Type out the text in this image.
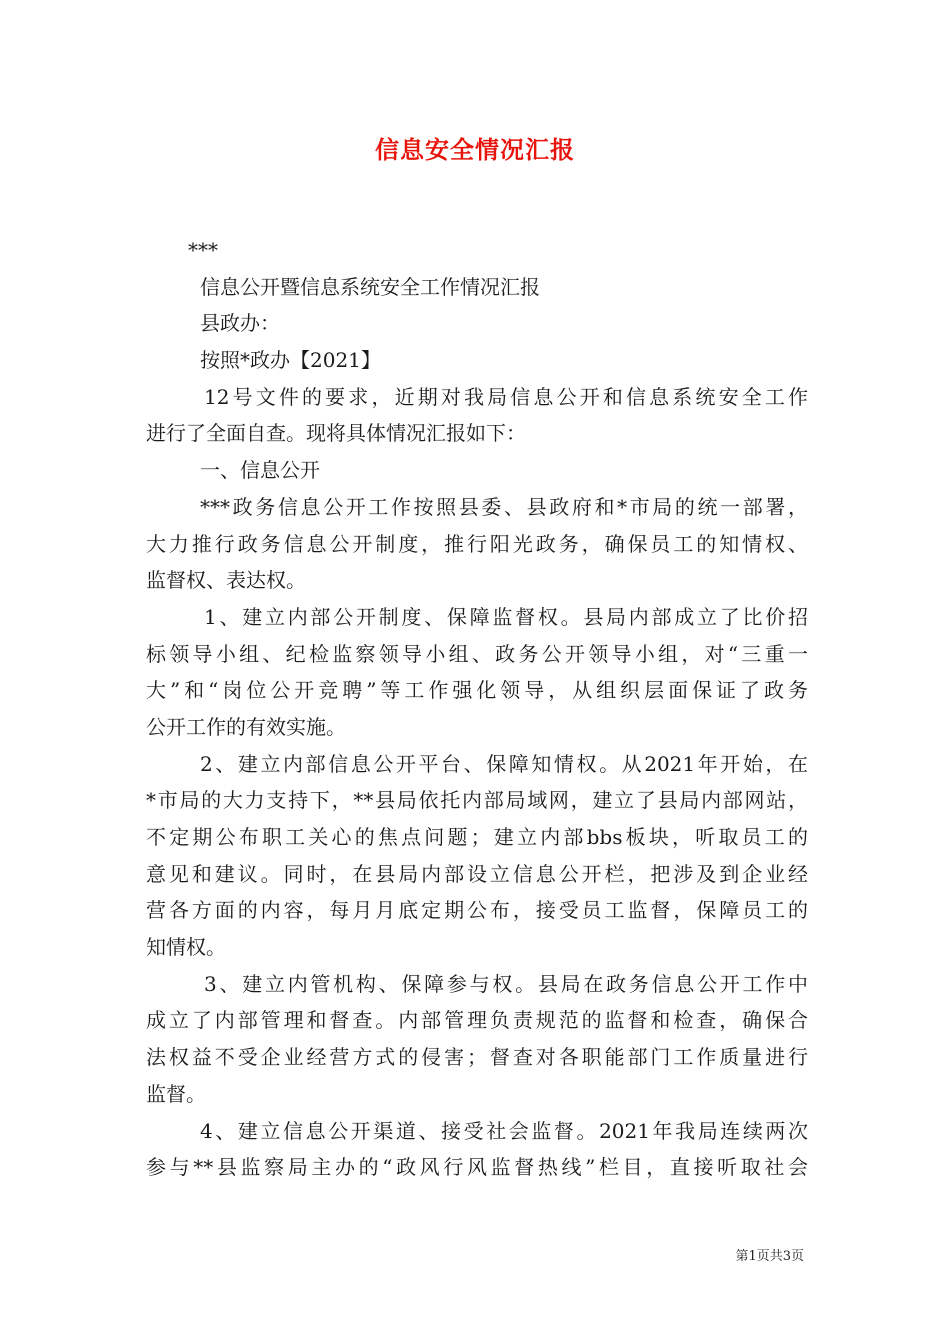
信息安全情况汇报
***
信息公开暨信息系统安全工作情况汇报
县政办：
按照*政办【2021】
12号文件的要求，近期对我局信息公开和信息系统安全工作
进行了全面自查。现将具体情况汇报如下：
一、信息公开
***政务信息公开工作按照县委、县政府和*市局的统一部署，
大力推行政务信息公开制度，推行阳光政务，确保员工的知情权、
监督权、表达权。
1、建立内部公开制度、保障监督权。县局内部成立了比价招
标领导小组、纪检监察领导小组、政务公开领导小组，对“三重一
大”和“岗位公开竞聘”等工作强化领导，从组织层面保证了政务
公开工作的有效实施。
2、建立内部信息公开平台、保障知情权。从2021年开始，在
*市局的大力支持下，**县局依托内部局域网，建立了县局内部网站，
不定期公布职工关心的焦点问题；建立内部bbs板块，听取员工的
意见和建议。同时，在县局内部设立信息公开栏，把涉及到企业经
营各方面的内容，每月月底定期公布，接受员工监督，保障员工的
知情权。
3、建立内管机构、保障参与权。县局在政务信息公开工作中
成立了内部管理和督查。内部管理负责规范的监督和检查，确保合
法权益不受企业经营方式的侵害；督查对各职能部门工作质量进行
监督。
4、建立信息公开渠道、接受社会监督。2021年我局连续两次
参与**县监察局主办的“政风行风监督热线”栏目，直接听取社会
第1页共3页
